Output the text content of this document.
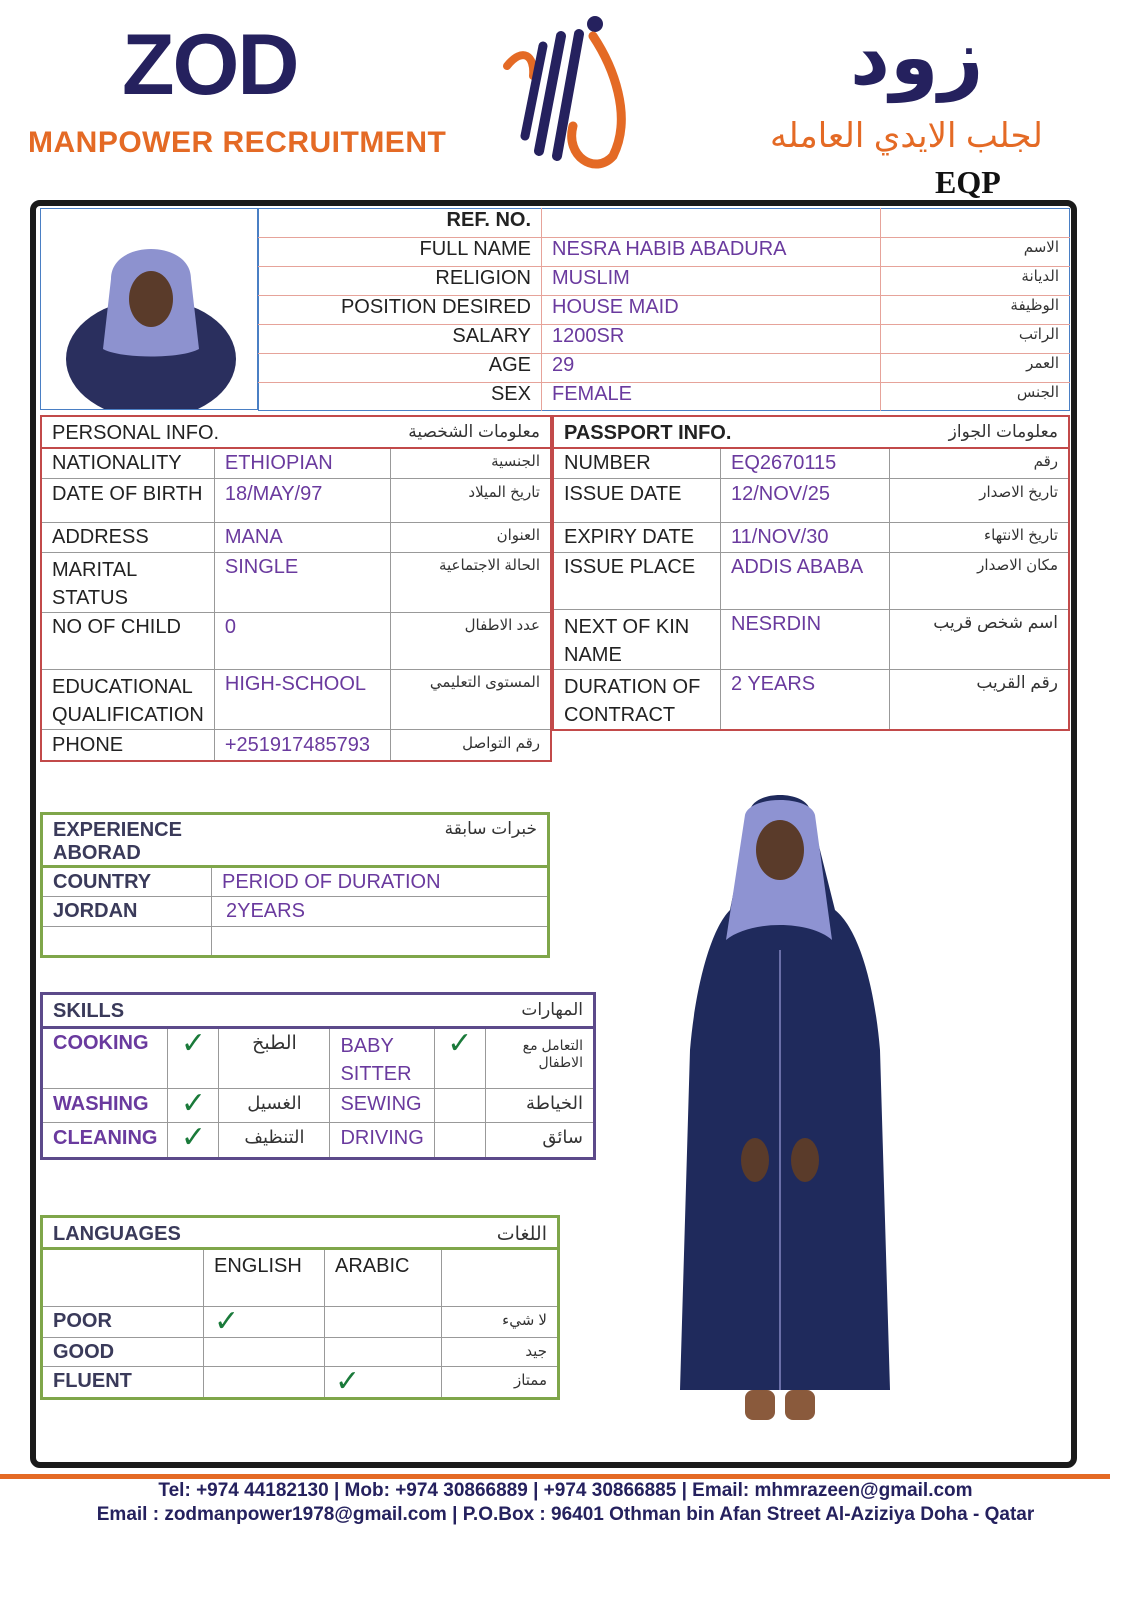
ZOD
MANPOWER RECRUITMENT
زود
لجلب الايدي العامله
EQP
REF. NO.		
FULL NAME	NESRA HABIB ABADURA	الاسم
RELIGION	MUSLIM	الديانة
POSITION DESIRED	HOUSE MAID	الوظيفة
SALARY	1200SR	الراتب
AGE	29	العمر
SEX	FEMALE	الجنس
PERSONAL INFO.		معلومات الشخصية
NATIONALITY	ETHIOPIAN	الجنسية
DATE OF BIRTH	18/MAY/97	تاريخ الميلاد
ADDRESS	MANA	العنوان
MARITAL STATUS	SINGLE	الحالة الاجتماعية
NO OF CHILD	0	عدد الاطفال
EDUCATIONAL QUALIFICATION	HIGH-SCHOOL	المستوى التعليمي
PHONE	+251917485793	رقم التواصل
PASSPORT INFO.		معلومات الجواز
NUMBER	EQ2670115	رقم
ISSUE DATE	12/NOV/25	تاريخ الاصدار
EXPIRY DATE	11/NOV/30	تاريخ الانتهاء
ISSUE PLACE	ADDIS ABABA	مكان الاصدار
NEXT OF KIN NAME	NESRDIN	اسم شخص قريب
DURATION OF CONTRACT	2 YEARS	رقم القريب
EXPERIENCE ABORAD	خبرات سابقة
COUNTRY	PERIOD OF DURATION
JORDAN	2YEARS

SKILLS				المهارات	
COOKING	✓	الطبخ	BABY SITTER	✓	التعامل مع الاطفال
WASHING	✓	الغسيل	SEWING		الخياطة
CLEANING	✓	التنظيف	DRIVING		سائق
LANGUAGES			اللغات
	ENGLISH	ARABIC	
POOR	✓		لا شيء
GOOD			جيد
FLUENT		✓	ممتاز
Tel: +974 44182130 | Mob: +974 30866889 | +974 30866885 | Email: mhmrazeen@gmail.com
Email : zodmanpower1978@gmail.com | P.O.Box : 96401 Othman bin Afan Street Al-Aziziya Doha - Qatar
